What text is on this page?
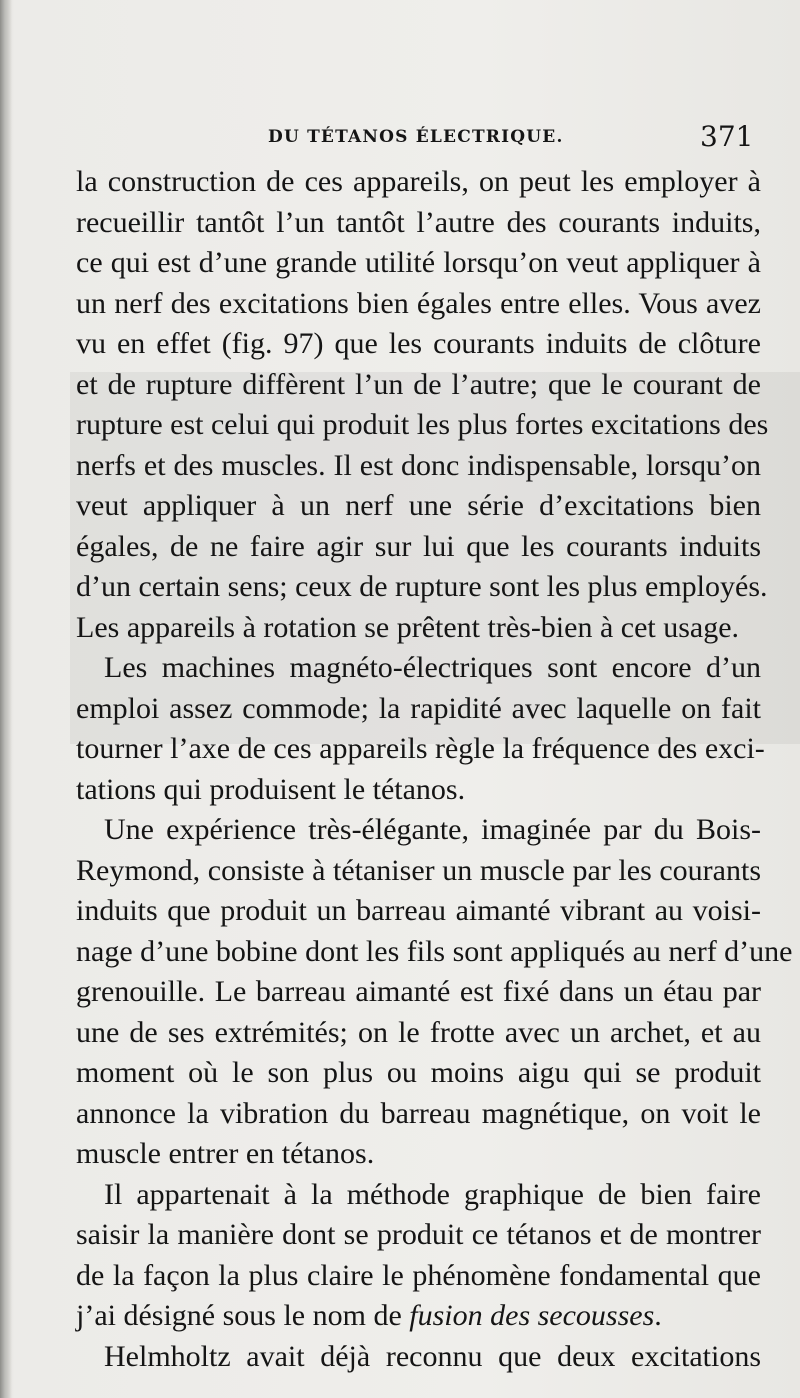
DU TÉTANOS ÉLECTRIQUE.	371
la construction de ces appareils, on peut les employer à
recueillir tantôt l’un tantôt l’autre des courants induits,
ce qui est d’une grande utilité lorsqu’on veut appliquer à
un nerf des excitations bien égales entre elles. Vous avez
vu en effet (fig. 97) que les courants induits de clôture
et de rupture diffèrent l’un de l’autre; que le courant de
rupture est celui qui produit les plus fortes excitations des
nerfs et des muscles. Il est donc indispensable, lorsqu’on
veut appliquer à un nerf une série d’excitations bien
égales, de ne faire agir sur lui que les courants induits
d’un certain sens; ceux de rupture sont les plus employés.
Les appareils à rotation se prêtent très-bien à cet usage.
Les machines magnéto-électriques sont encore d’un
emploi assez commode; la rapidité avec laquelle on fait
tourner l’axe de ces appareils règle la fréquence des exci-
tations qui produisent le tétanos.
Une expérience très-élégante, imaginée par du Bois-
Reymond, consiste à tétaniser un muscle par les courants
induits que produit un barreau aimanté vibrant au voisi-
nage d’une bobine dont les fils sont appliqués au nerf d’une
grenouille. Le barreau aimanté est fixé dans un étau par
une de ses extrémités; on le frotte avec un archet, et au
moment où le son plus ou moins aigu qui se produit
annonce la vibration du barreau magnétique, on voit le
muscle entrer en tétanos.
Il appartenait à la méthode graphique de bien faire
saisir la manière dont se produit ce tétanos et de montrer
de la façon la plus claire le phénomène fondamental que
j’ai désigné sous le nom de fusion des secousses.
Helmholtz avait déjà reconnu que deux excitations
